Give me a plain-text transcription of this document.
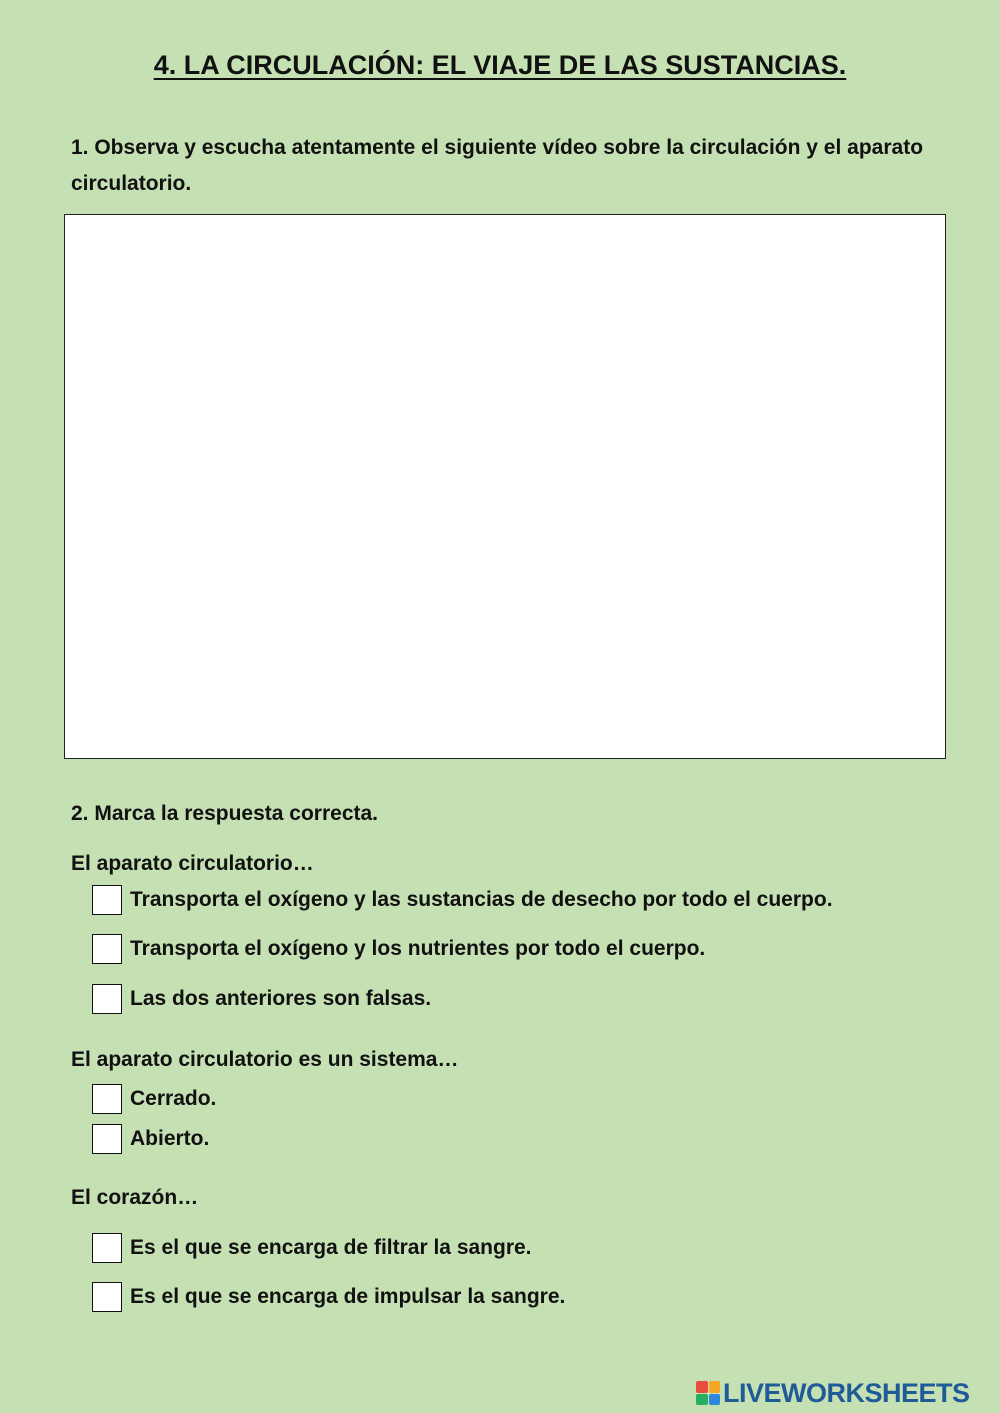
4. LA CIRCULACIÓN: EL VIAJE DE LAS SUSTANCIAS.

1. Observa y escucha atentamente el siguiente vídeo sobre la circulación y el aparato circulatorio.

2. Marca la respuesta correcta.

El aparato circulatorio…

Transporta el oxígeno y las sustancias de desecho por todo el cuerpo.
Transporta el oxígeno y los nutrientes por todo el cuerpo.
Las dos anteriores son falsas.

El aparato circulatorio es un sistema…

Cerrado.
Abierto.

El corazón…

Es el que se encarga de filtrar la sangre.
Es el que se encarga de impulsar la sangre.
LIVEWORKSHEETS
